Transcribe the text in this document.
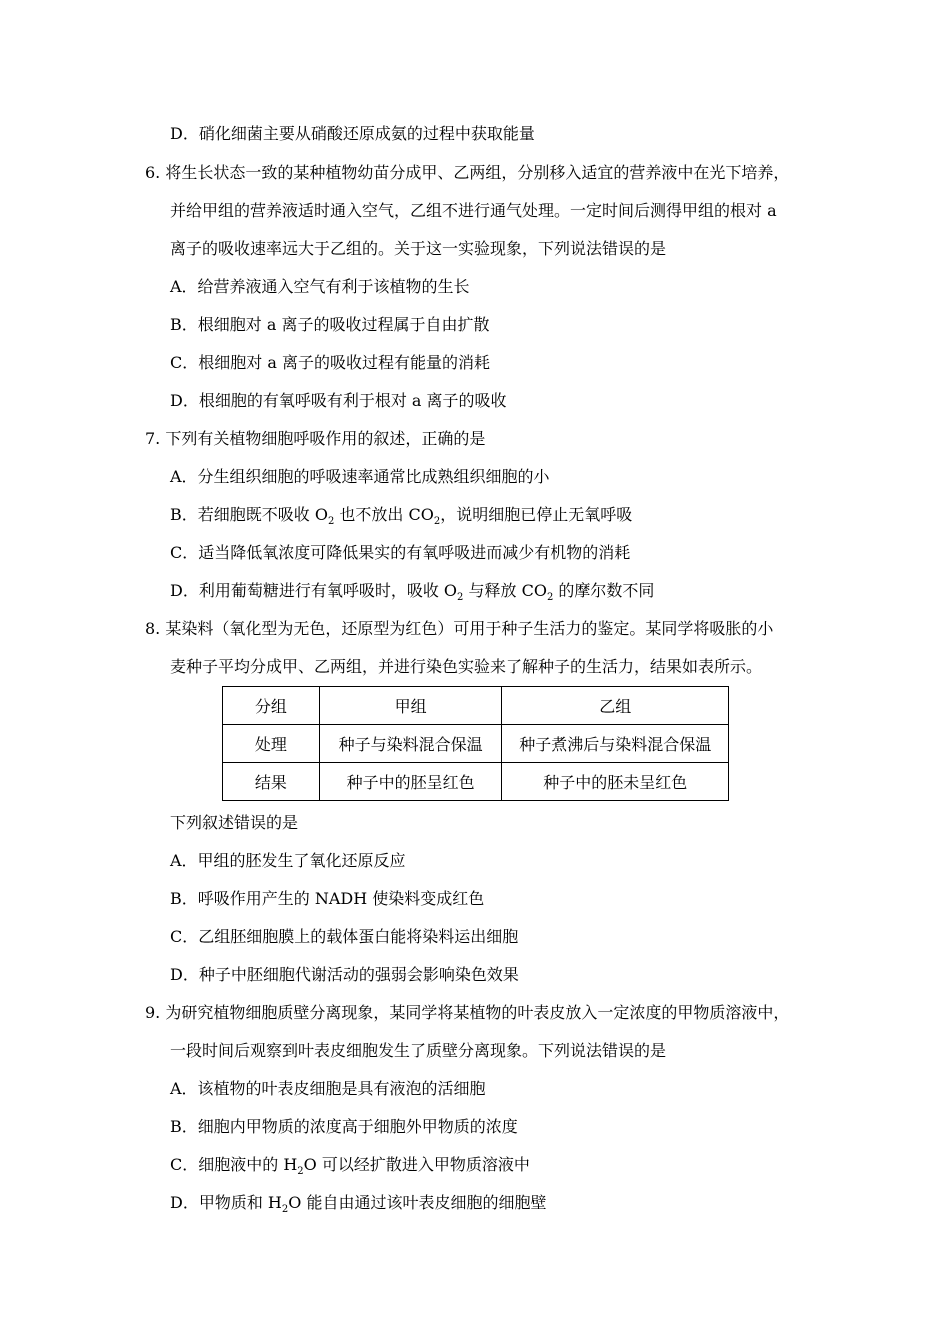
D．硝化细菌主要从硝酸还原成氨的过程中获取能量
6. 将生长状态一致的某种植物幼苗分成甲、乙两组，分别移入适宜的营养液中在光下培养，
并给甲组的营养液适时通入空气，乙组不进行通气处理。一定时间后测得甲组的根对 a
离子的吸收速率远大于乙组的。关于这一实验现象，下列说法错误的是
A．给营养液通入空气有利于该植物的生长
B．根细胞对 a 离子的吸收过程属于自由扩散
C．根细胞对 a 离子的吸收过程有能量的消耗
D．根细胞的有氧呼吸有利于根对 a 离子的吸收
7. 下列有关植物细胞呼吸作用的叙述，正确的是
A．分生组织细胞的呼吸速率通常比成熟组织细胞的小
B．若细胞既不吸收 $O_2$ 也不放出 $CO_2$，说明细胞已停止无氧呼吸
C．适当降低氧浓度可降低果实的有氧呼吸进而减少有机物的消耗
D．利用葡萄糖进行有氧呼吸时，吸收 $O_2$ 与释放 $CO_2$ 的摩尔数不同
8. 某染料（氧化型为无色，还原型为红色）可用于种子生活力的鉴定。某同学将吸胀的小
麦种子平均分成甲、乙两组，并进行染色实验来了解种子的生活力，结果如表所示。
分组	甲组	乙组
处理	种子与染料混合保温	种子煮沸后与染料混合保温
结果	种子中的胚呈红色	种子中的胚未呈红色
下列叙述错误的是
A．甲组的胚发生了氧化还原反应
B．呼吸作用产生的 NADH 使染料变成红色
C．乙组胚细胞膜上的载体蛋白能将染料运出细胞
D．种子中胚细胞代谢活动的强弱会影响染色效果
9. 为研究植物细胞质壁分离现象，某同学将某植物的叶表皮放入一定浓度的甲物质溶液中，
一段时间后观察到叶表皮细胞发生了质壁分离现象。下列说法错误的是
A．该植物的叶表皮细胞是具有液泡的活细胞
B．细胞内甲物质的浓度高于细胞外甲物质的浓度
C．细胞液中的 $H_2O$ 可以经扩散进入甲物质溶液中
D．甲物质和 $H_2O$ 能自由通过该叶表皮细胞的细胞壁
